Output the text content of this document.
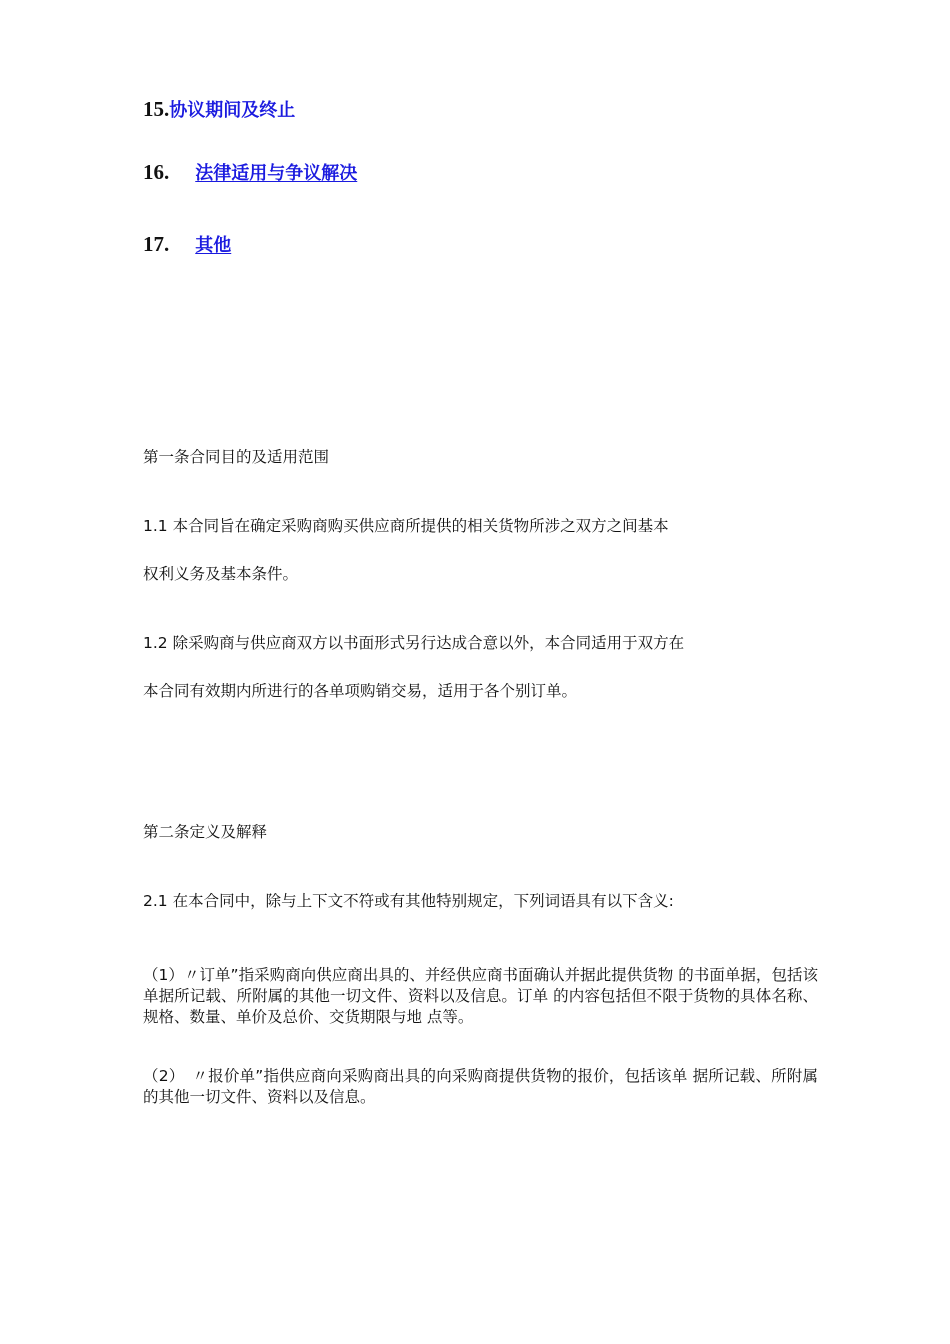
15.协议期间及终止
16. 法律适用与争议解决
17. 其他
第一条合同目的及适用范围
1.1 本合同旨在确定采购商购买供应商所提供的相关货物所涉之双方之间基本
权利义务及基本条件。
1.2 除采购商与供应商双方以书面形式另行达成合意以外，本合同适用于双方在
本合同有效期内所进行的各单项购销交易，适用于各个别订单。
第二条定义及解释
2.1 在本合同中，除与上下文不符或有其他特别规定，下列词语具有以下含义:
（1）〃订单”指采购商向供应商出具的、并经供应商书面确认并据此提供货物 的书面单据，包括该单据所记载、所附属的其他一切文件、资料以及信息。订单 的内容包括但不限于货物的具体名称、规格、数量、单价及总价、交货期限与地 点等。
（2）　〃报价单”指供应商向采购商出具的向采购商提供货物的报价，包括该单 据所记载、所附属的其他一切文件、资料以及信息。
